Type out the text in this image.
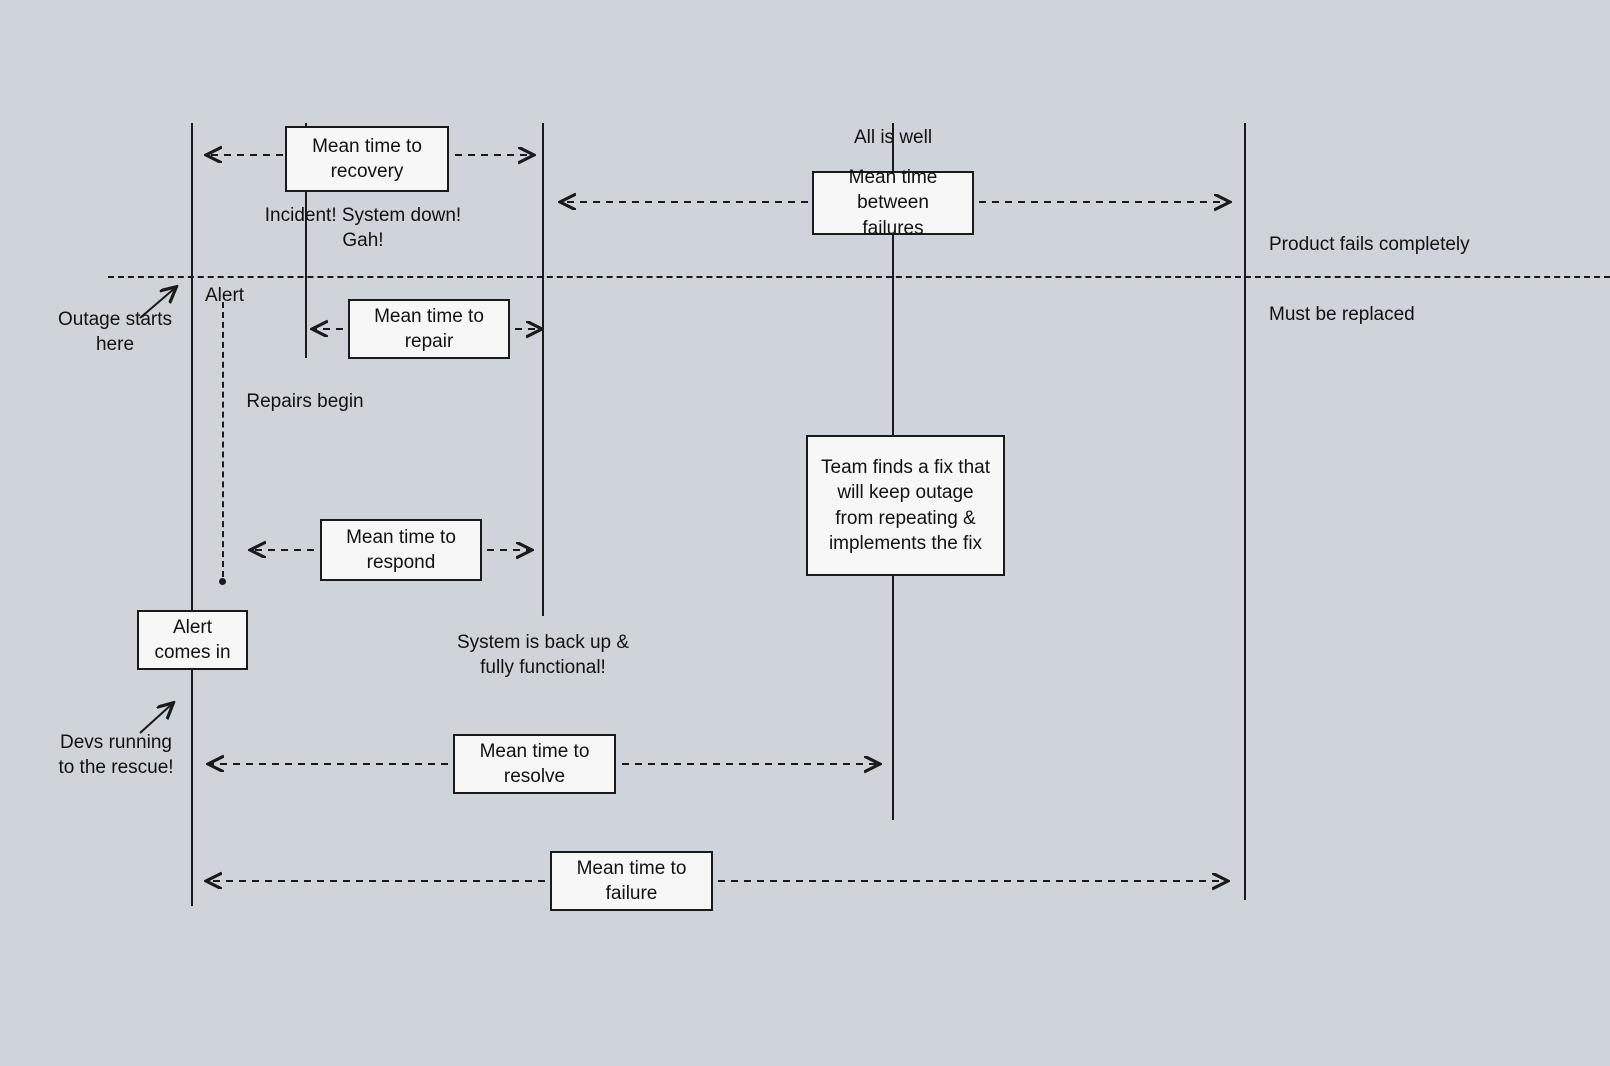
Mean time to recovery	Mean time between failures
Mean time to repair
Team finds a fix that will keep outage from repeating & implements the fix
Mean time to respond
Alert comes in
Mean time to resolve
Mean time to failure
All is well
Incident! System down! Gah!	Product fails completely
Must be replaced
Alert
Outage starts here
Repairs begin
System is back up & fully functional!
Devs running to the rescue!
